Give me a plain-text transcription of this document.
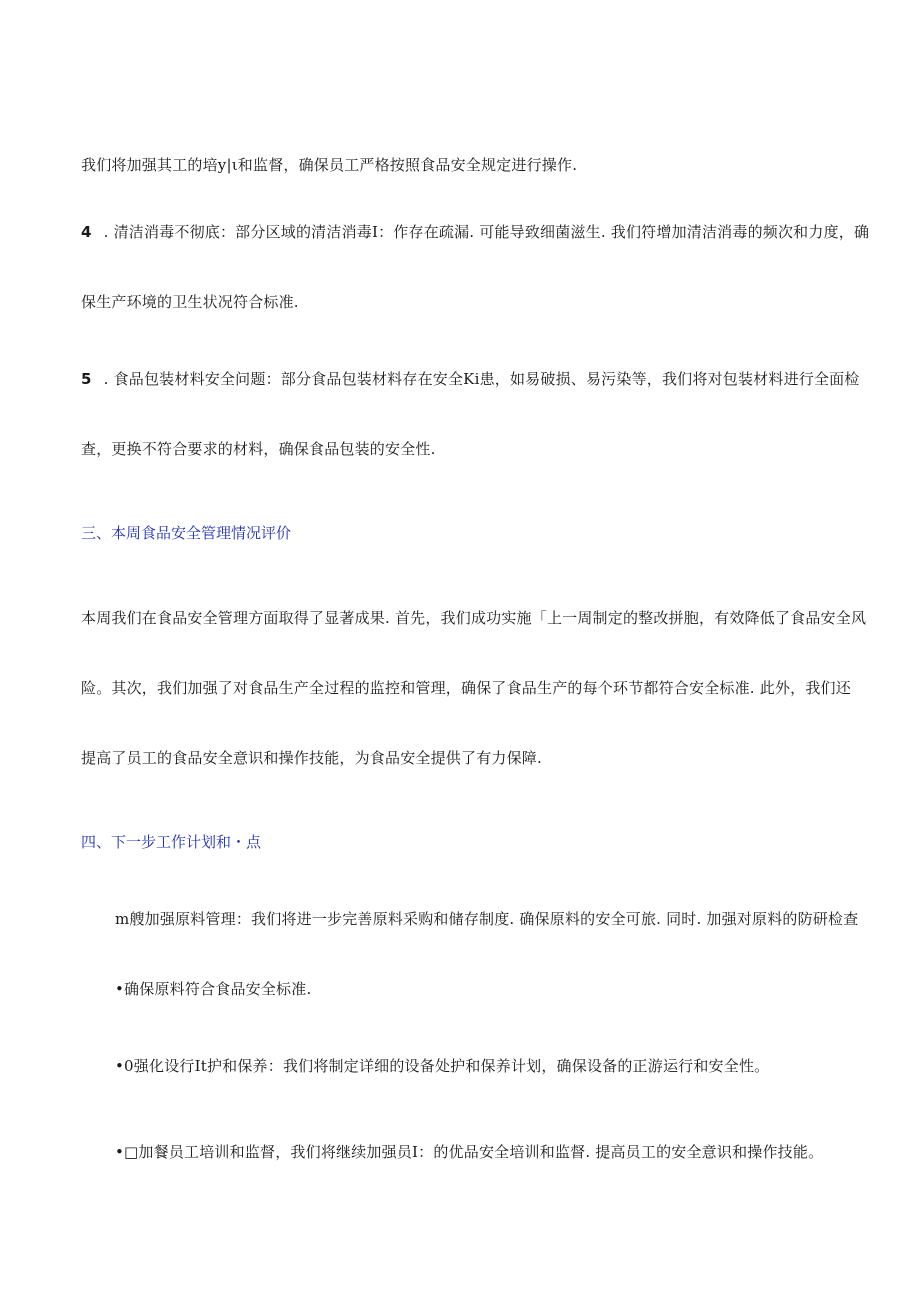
我们将加强其工的培y|ι和监督，确保员工严格按照食品安全规定进行操作.
4 . 清洁消毒不彻底：部分区域的清洁消毒I：作存在疏漏. 可能导致细菌滋生. 我们符增加清洁消毒的频次和力度，确
保生产环境的卫生状况符合标准.
5 . 食品包装材料安全问题：部分食品包装材料存在安全Ki患，如易破损、易污染等，我们将对包装材料进行全面检
查，更换不符合要求的材料，确保食品包装的安全性.
三、本周食品安全管理情况评价
本周我们在食品安全管理方面取得了显著成果. 首先，我们成功实施「上一周制定的整改拼胞，有效降低了食品安全风
险。其次，我们加强了对食品生产全过程的监控和管理，确保了食品生产的每个环节都符合安全标准. 此外，我们还
提高了员工的食品安全意识和操作技能，为食品安全提供了有力保障.
四、下一步工作计划和・点
m艘加强原料管理：我们将进一步完善原料采购和储存制度. 确保原料的安全可旅. 同时. 加强对原料的防研检查
•确保原料符合食品安全标准.
•0强化设行It护和保养：我们将制定详细的设备处护和保养计划，确保设备的正游运行和安全性。
•□加餐员工培训和监督，我们将继续加强员I：的优品安全培训和监督. 提高员工的安全意识和操作技能。
